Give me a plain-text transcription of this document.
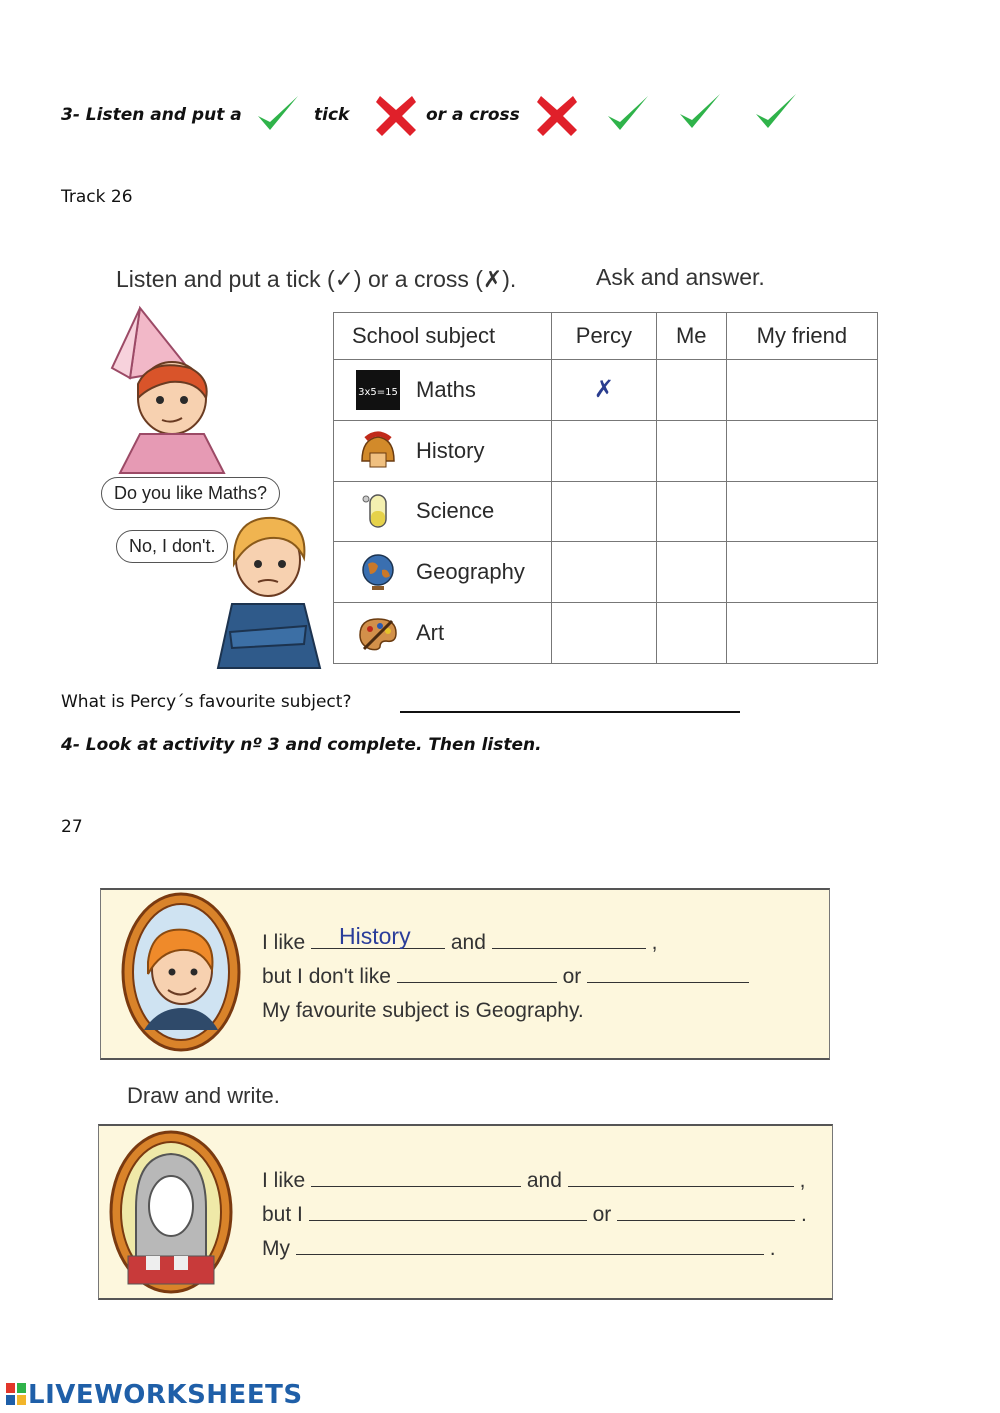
3- Listen and put a	tick	or a cross
Track 26
Listen and put a tick (✓) or a cross (✗).	Ask and answer.
Do you like Maths?
No, I don't.
School subject	Percy	Me	My friend

3x5=15 Maths	✗		
History			
Science			
Geography			
Art			
What is Percy´s favourite subject?
4- Look at activity nº 3 and complete. Then listen.
27
I like History and	,
but I don't like	or
My favourite subject is Geography.
Draw and write.
I like	and	,
but I	or	.
My	.
LIVEWORKSHEETS
